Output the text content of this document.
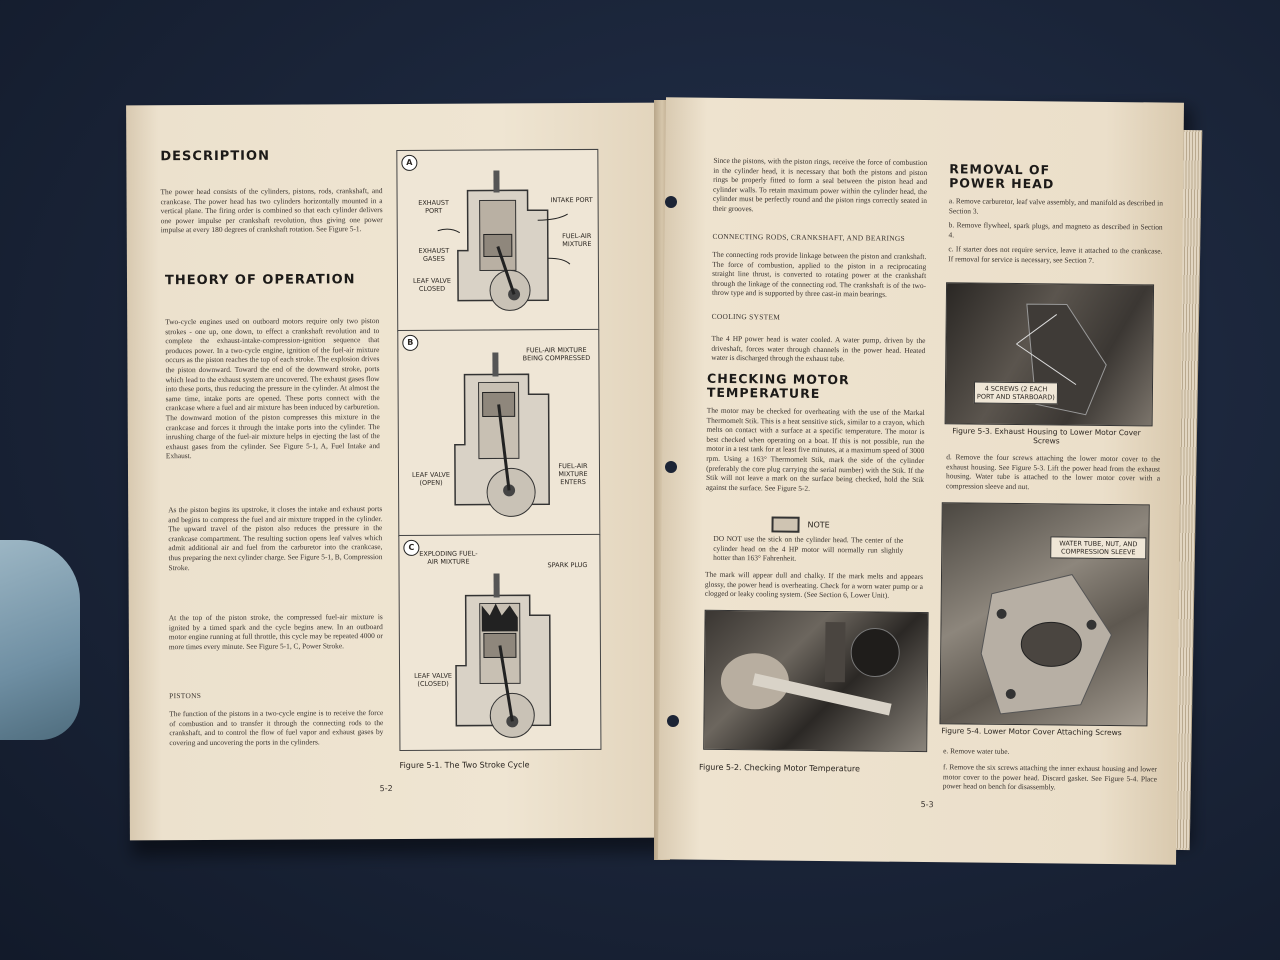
DESCRIPTION
The power head consists of the cylinders, pistons, rods, crankshaft, and crankcase. The power head has two cylinders horizontally mounted in a vertical plane. The firing order is combined so that each cylinder delivers one power impulse per crankshaft revolution, thus giving one power impulse at every 180 degrees of crankshaft rotation. See Figure 5-1.
THEORY OF OPERATION
Two-cycle engines used on outboard motors require only two piston strokes - one up, one down, to effect a crankshaft revolution and to complete the exhaust-intake-compression-ignition sequence that produces power. In a two-cycle engine, ignition of the fuel-air mixture occurs as the piston reaches the top of each stroke. The explosion drives the piston downward. Toward the end of the downward stroke, ports which lead to the exhaust system are uncovered. The exhaust gases flow into these ports, thus reducing the pressure in the cylinder. At almost the same time, intake ports are opened. These ports connect with the crankcase where a fuel and air mixture has been induced by carburetion. The downward motion of the piston compresses this mixture in the crankcase and forces it through the intake ports into the cylinder. The inrushing charge of the fuel-air mixture helps in ejecting the last of the exhaust gases from the cylinder. See Figure 5-1, A, Fuel Intake and Exhaust.
As the piston begins its upstroke, it closes the intake and exhaust ports and begins to compress the fuel and air mixture trapped in the cylinder. The upward travel of the piston also reduces the pressure in the crankcase compartment. The resulting suction opens leaf valves which admit additional air and fuel from the carburetor into the crankcase, thus preparing the next cylinder charge. See Figure 5-1, B, Compression Stroke.
At the top of the piston stroke, the compressed fuel-air mixture is ignited by a timed spark and the cycle begins anew. In an outboard motor engine running at full throttle, this cycle may be repeated 4000 or more times every minute. See Figure 5-1, C, Power Stroke.
PISTONS
The function of the pistons in a two-cycle engine is to receive the force of combustion and to transfer it through the connecting rods to the crankshaft, and to control the flow of fuel vapor and exhaust gases by covering and uncovering the ports in the cylinders.
A
EXHAUST PORT
INTAKE PORT
EXHAUST GASES
FUEL-AIR MIXTURE
LEAF VALVE CLOSED
B
FUEL-AIR MIXTURE BEING COMPRESSED
LEAF VALVE (OPEN)
FUEL-AIR MIXTURE ENTERS
C
EXPLODING FUEL-AIR MIXTURE	SPARK PLUG
LEAF VALVE (CLOSED)
Figure 5-1. The Two Stroke Cycle
5-2
Since the pistons, with the piston rings, receive the force of combustion in the cylinder head, it is necessary that both the pistons and piston rings be properly fitted to form a seal between the piston head and cylinder walls. To retain maximum power within the cylinder head, the cylinder must be perfectly round and the piston rings correctly seated in their grooves.
CONNECTING RODS, CRANKSHAFT, AND BEARINGS
The connecting rods provide linkage between the piston and crankshaft. The force of combustion, applied to the piston in a reciprocating straight line thrust, is converted to rotating power at the crankshaft through the linkage of the connecting rod. The crankshaft is of the two-throw type and is supported by three cast-in main bearings.
COOLING SYSTEM
The 4 HP power head is water cooled. A water pump, driven by the driveshaft, forces water through channels in the power head. Heated water is discharged through the exhaust tube.
CHECKING MOTOR
TEMPERATURE
The motor may be checked for overheating with the use of the Markal Thermomelt Stik. This is a heat sensitive stick, similar to a crayon, which melts on contact with a surface at a specific temperature. The motor is best checked when operating on a boat. If this is not possible, run the motor in a test tank for at least five minutes, at a maximum speed of 3000 rpm. Using a 163° Thermomelt Stik, mark the side of the cylinder (preferably the core plug carrying the serial number) with the Stik. If the Stik will not leave a mark on the surface being checked, hold the Stik against the surface. See Figure 5-2.
NOTE
DO NOT use the stick on the cylinder head. The center of the cylinder head on the 4 HP motor will normally run slightly hotter than 163° Fahrenheit.
The mark will appear dull and chalky. If the mark melts and appears glossy, the power head is overheating. Check for a worn water pump or a clogged or leaky cooling system. (See Section 6, Lower Unit).
Figure 5-2. Checking Motor Temperature
5-3
REMOVAL OF
POWER HEAD
a. Remove carburetor, leaf valve assembly, and manifold as described in Section 3.
b. Remove flywheel, spark plugs, and magneto as described in Section 4.
c. If starter does not require service, leave it attached to the crankcase. If removal for service is necessary, see Section 7.
4 SCREWS (2 EACH PORT AND STARBOARD)
Figure 5-3. Exhaust Housing to Lower Motor Cover Screws
d. Remove the four screws attaching the lower motor cover to the exhaust housing. See Figure 5-3. Lift the power head from the exhaust housing. Water tube is attached to the lower motor cover with a compression sleeve and nut.
WATER TUBE, NUT, AND COMPRESSION SLEEVE
Figure 5-4. Lower Motor Cover Attaching Screws
e. Remove water tube.
f. Remove the six screws attaching the inner exhaust housing and lower motor cover to the power head. Discard gasket. See Figure 5-4. Place power head on bench for disassembly.
